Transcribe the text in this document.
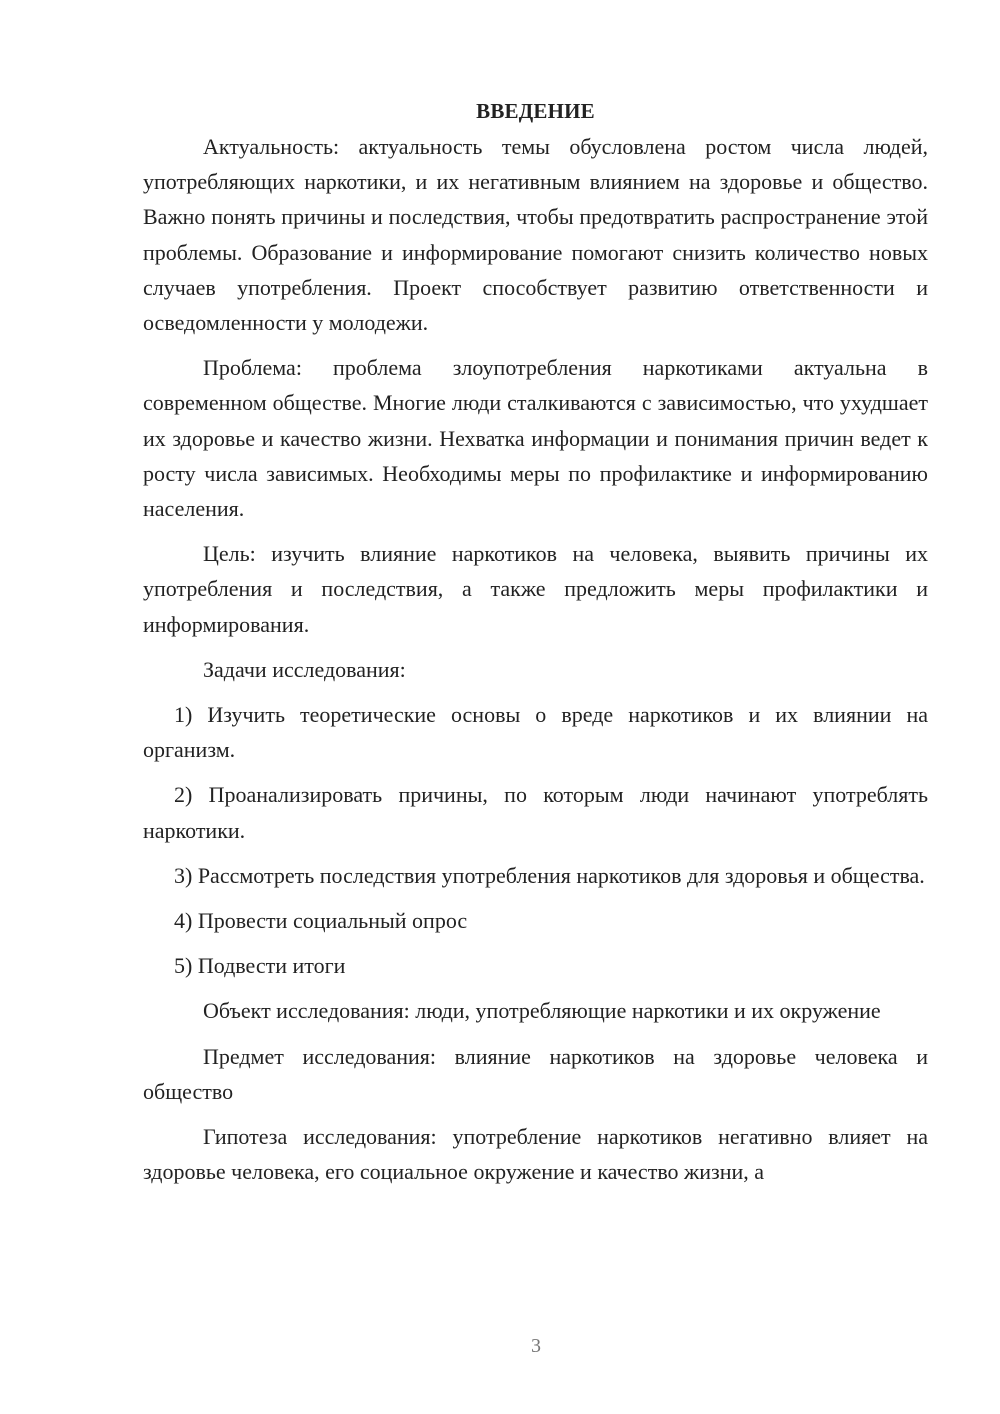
ВВЕДЕНИЕ

Актуальность: актуальность темы обусловлена ростом числа людей, употребляющих наркотики, и их негативным влиянием на здоровье и общество. Важно понять причины и последствия, чтобы предотвратить распространение этой проблемы. Образование и информирование помогают снизить количество новых случаев употребления. Проект способствует развитию ответственности и осведомленности у молодежи.

Проблема: проблема злоупотребления наркотиками актуальна в современном обществе. Многие люди сталкиваются с зависимостью, что ухудшает их здоровье и качество жизни. Нехватка информации и понимания причин ведет к росту числа зависимых. Необходимы меры по профилактике и информированию населения.

Цель: изучить влияние наркотиков на человека, выявить причины их употребления и последствия, а также предложить меры профилактики и информирования.

Задачи исследования:

1) Изучить теоретические основы о вреде наркотиков и их влиянии на организм.

2) Проанализировать причины, по которым люди начинают употреблять наркотики.

3) Рассмотреть последствия употребления наркотиков для здоровья и общества.

4) Провести социальный опрос

5) Подвести итоги

Объект исследования: люди, употребляющие наркотики и их окружение

Предмет исследования: влияние наркотиков на здоровье человека и общество

Гипотеза исследования: употребление наркотиков негативно влияет на здоровье человека, его социальное окружение и качество жизни, а

3
